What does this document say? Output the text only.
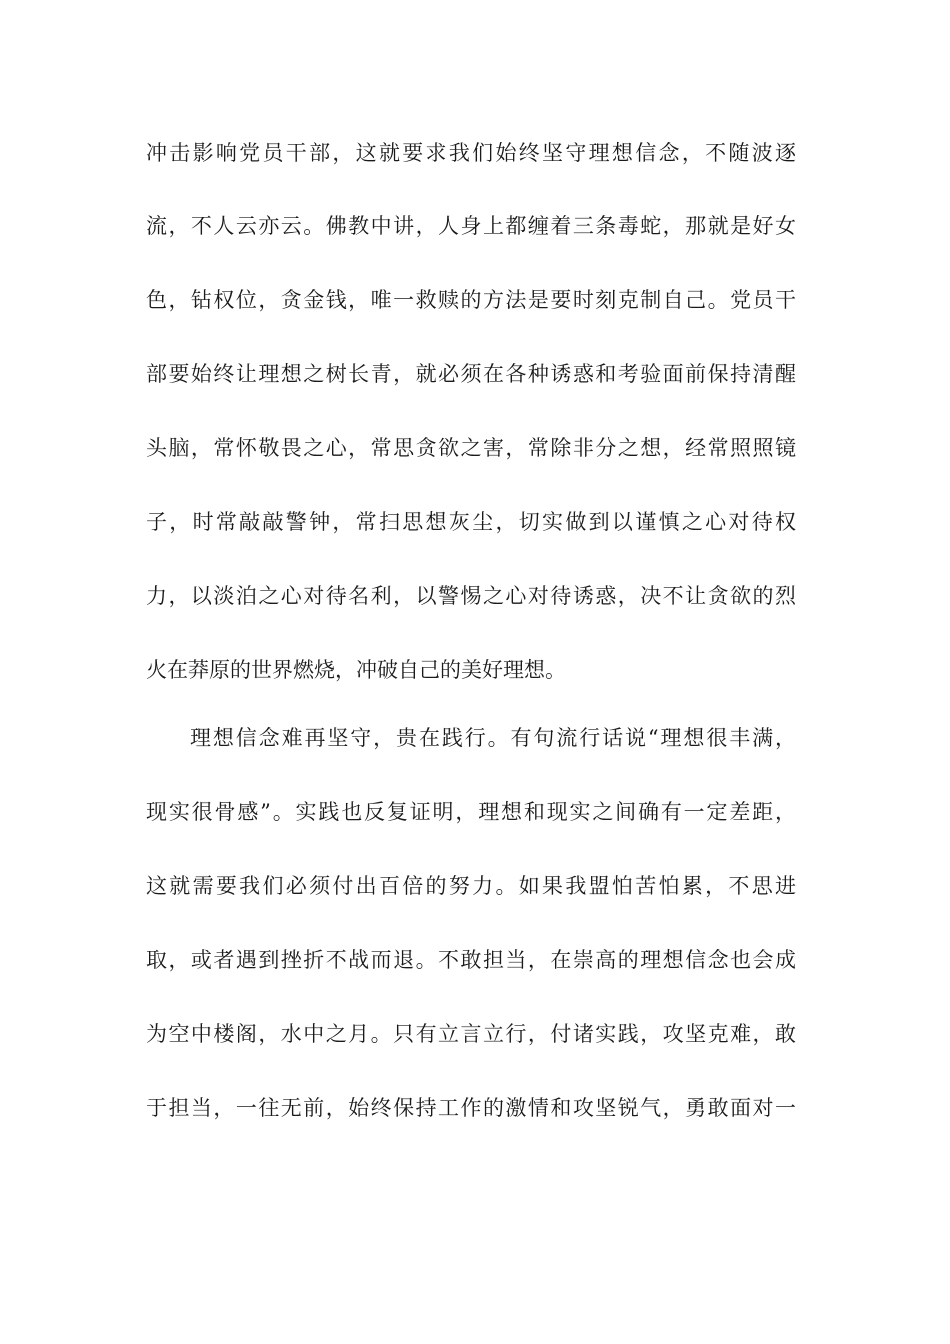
冲击影响党员干部，这就要求我们始终坚守理想信念，不随波逐
流，不人云亦云。佛教中讲，人身上都缠着三条毒蛇，那就是好女
色，钻权位，贪金钱，唯一救赎的方法是要时刻克制自己。党员干
部要始终让理想之树长青，就必须在各种诱惑和考验面前保持清醒
头脑，常怀敬畏之心，常思贪欲之害，常除非分之想，经常照照镜
子，时常敲敲警钟，常扫思想灰尘，切实做到以谨慎之心对待权
力，以淡泊之心对待名利，以警惕之心对待诱惑，决不让贪欲的烈
火在莽原的世界燃烧，冲破自己的美好理想。
理想信念难再坚守，贵在践行。有句流行话说“理想很丰满，
现实很骨感”。实践也反复证明，理想和现实之间确有一定差距，
这就需要我们必须付出百倍的努力。如果我盟怕苦怕累，不思进
取，或者遇到挫折不战而退。不敢担当，在崇高的理想信念也会成
为空中楼阁，水中之月。只有立言立行，付诸实践，攻坚克难，敢
于担当，一往无前，始终保持工作的激情和攻坚锐气，勇敢面对一
